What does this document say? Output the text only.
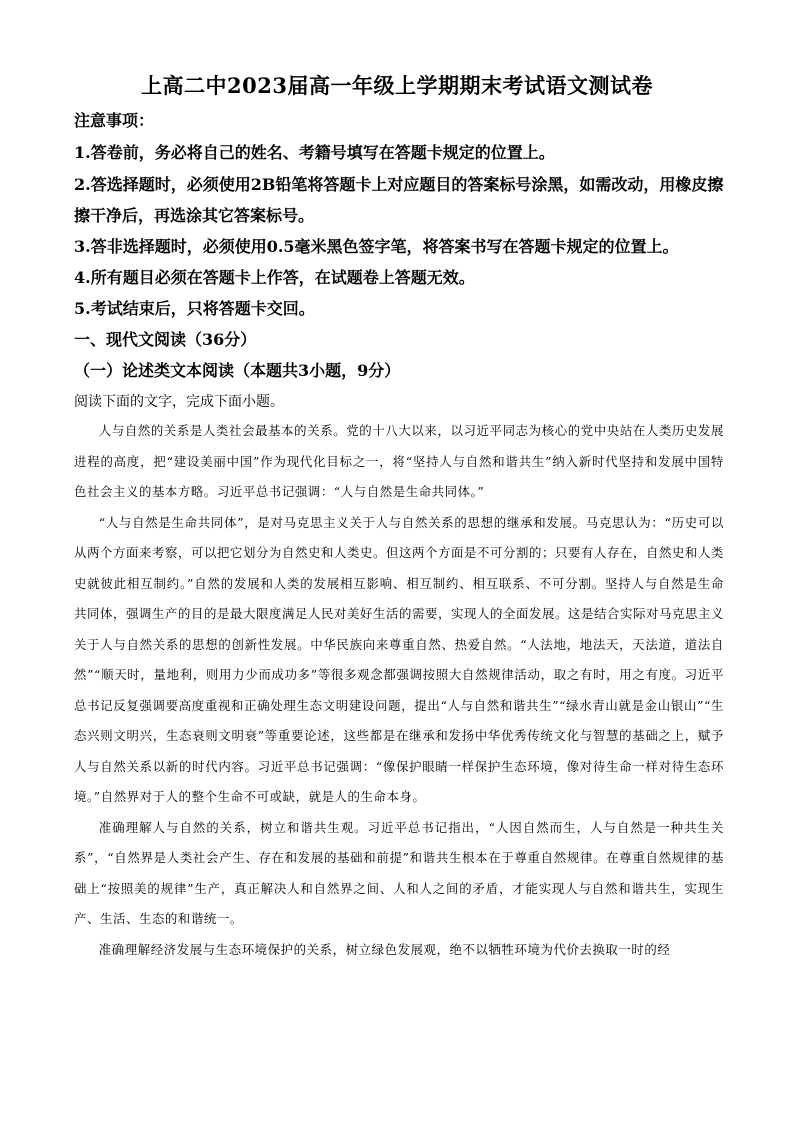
上高二中2023届高一年级上学期期末考试语文测试卷
注意事项：
1.答卷前，务必将自己的姓名、考籍号填写在答题卡规定的位置上。
2.答选择题时，必须使用2B铅笔将答题卡上对应题目的答案标号涂黑，如需改动，用橡皮擦
擦干净后，再选涂其它答案标号。
3.答非选择题时，必须使用0.5毫米黑色签字笔，将答案书写在答题卡规定的位置上。
4.所有题目必须在答题卡上作答，在试题卷上答题无效。
5.考试结束后，只将答题卡交回。
一、现代文阅读（36分）
（一）论述类文本阅读（本题共3小题，9分）
阅读下面的文字，完成下面小题。

人与自然的关系是人类社会最基本的关系。党的十八大以来，以习近平同志为核心的党中央站在人类历史发展进程的高度，把“建设美丽中国”作为现代化目标之一，将“坚持人与自然和谐共生”纳入新时代坚持和发展中国特色社会主义的基本方略。习近平总书记强调：“人与自然是生命共同体。”

“人与自然是生命共同体”，是对马克思主义关于人与自然关系的思想的继承和发展。马克思认为：“历史可以从两个方面来考察，可以把它划分为自然史和人类史。但这两个方面是不可分割的；只要有人存在，自然史和人类史就彼此相互制约。”自然的发展和人类的发展相互影响、相互制约、相互联系、不可分割。坚持人与自然是生命共同体，强调生产的目的是最大限度满足人民对美好生活的需要，实现人的全面发展。这是结合实际对马克思主义关于人与自然关系的思想的创新性发展。中华民族向来尊重自然、热爱自然。“人法地，地法天，天法道，道法自然”“顺天时，量地利，则用力少而成功多”等很多观念都强调按照大自然规律活动，取之有时，用之有度。习近平总书记反复强调要高度重视和正确处理生态文明建设问题，提出“人与自然和谐共生”“绿水青山就是金山银山”“生态兴则文明兴，生态衰则文明衰”等重要论述，这些都是在继承和发扬中华优秀传统文化与智慧的基础之上，赋予人与自然关系以新的时代内容。习近平总书记强调：“像保护眼睛一样保护生态环境，像对待生命一样对待生态环境。”自然界对于人的整个生命不可或缺，就是人的生命本身。

准确理解人与自然的关系，树立和谐共生观。习近平总书记指出，“人因自然而生，人与自然是一种共生关系”，“自然界是人类社会产生、存在和发展的基础和前提”和谐共生根本在于尊重自然规律。在尊重自然规律的基础上“按照美的规律”生产，真正解决人和自然界之间、人和人之间的矛盾，才能实现人与自然和谐共生，实现生产、生活、生态的和谐统一。

准确理解经济发展与生态环境保护的关系，树立绿色发展观，绝不以牺牲环境为代价去换取一时的经
